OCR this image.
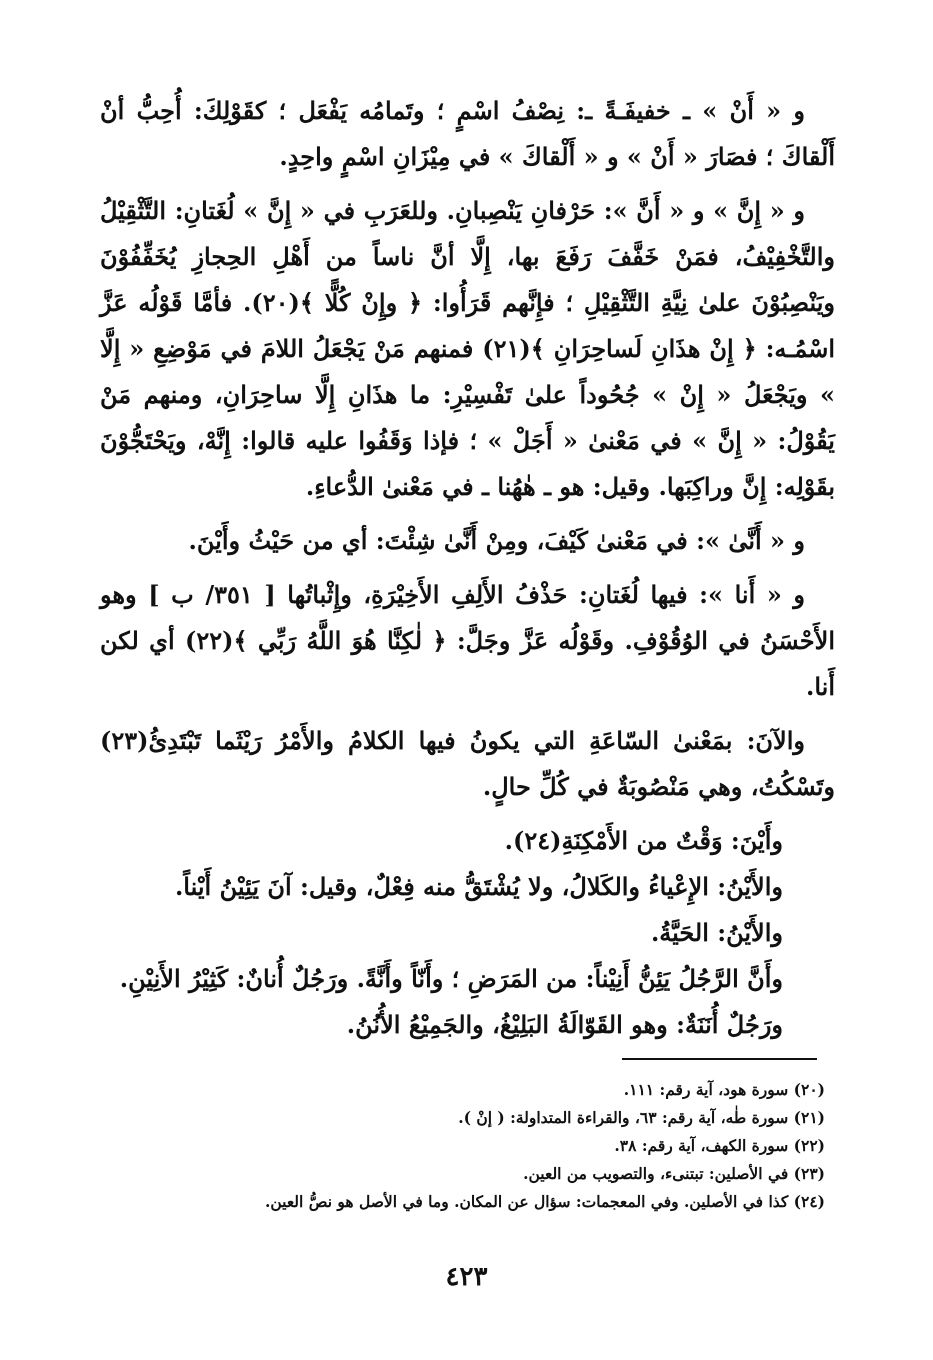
و « أَنْ » ـ خفيفَـةً ـ: نِصْفُ اسْمٍ ؛ وتَمامُه يَفْعَل ؛ كقَوْلِكَ: أُحِبُّ أنْ أَلْقاكَ ؛ فصَارَ « أَنْ » و « أَلْقاكَ » في مِيْزَانِ اسْمٍ واحِدٍ.

و « إِنَّ » و « أَنَّ »: حَرْفانِ يَنْصِبانِ. وللعَرَبِ في « إِنَّ » لُغَتانِ: التَّثْقِيْلُ والتَّخْفِيْفُ، فمَنْ خَفَّفَ رَفَعَ بها، إِلَّا أنَّ ناساً من أَهْلِ الحِجازِ يُخَفِّفُوْنَ ويَنْصِبُوْنَ علىٰ نِيَّةِ التَّثْقِيْلِ ؛ فإِنَّهم قَرَأُوا: ﴿ وإِنْ كُلًّا ﴾(٢٠). فأمَّا قَوْلُه عَزَّ اسْمُـه: ﴿ إِنْ هذَانِ لَساحِرَانِ ﴾(٢١) فمنهم مَنْ يَجْعَلُ اللامَ في مَوْضِعِ « إِلَّا » ويَجْعَلُ « إِنْ » جُحُوداً علىٰ تَفْسِيْرِ: ما هذَانِ إِلَّا ساحِرَانِ، ومنهم مَنْ يَقُوْلُ: « إِنَّ » في مَعْنىٰ « أَجَلْ » ؛ فإذا وَقَفُوا عليه قالوا: إِنَّهْ، ويَحْتَجُّوْنَ بقَوْلِه: إِنَّ وراكِبَها. وقيل: هو ـ هٰهُنا ـ في مَعْنىٰ الدُّعاءِ.

و « أَنَّىٰ »: في مَعْنىٰ كَيْفَ، ومِنْ أَنَّىٰ شِئْتَ: أي من حَيْثُ وأَيْنَ.

و « أَنا »: فيها لُغَتانِ: حَذْفُ الأَلِفِ الأَخِيْرَةِ، وإِثْباتُها [ ٣٥١/ ب ] وهو الأَحْسَنُ في الوُقُوْفِ. وقَوْلُه عَزَّ وجَلَّ: ﴿ لٰكِنَّا هُوَ اللَّهُ رَبِّي ﴾(٢٢) أي لكن أَنا.

والآنَ: بمَعْنىٰ السّاعَةِ التي يكونُ فيها الكلامُ والأَمْرُ رَيْثَما تَبْتَدِئُ(٢٣) وتَسْكُتُ، وهي مَنْصُوبَةٌ في كُلِّ حالٍ.

وأَيْنَ: وَقْتٌ من الأَمْكِنَةِ(٢٤).

والأَيْنُ: الإِعْياءُ والكَلالُ، ولا يُشْتَقُّ منه فِعْلٌ، وقيل: آنَ يَئِيْنُ أَيْناً.

والأَيْنُ: الحَيَّةُ.

وأَنَّ الرَّجُلُ يَئِنُّ أَنِيْناً: من المَرَضِ ؛ وأَنّاً وأَنَّةً. ورَجُلٌ أُنانٌ: كَثِيْرُ الأَنِيْنِ.

ورَجُلٌ أُنَنَةٌ: وهو القَوّالَةُ البَلِيْغُ، والجَمِيْعُ الأُنُنُ.

(٢٠) سورة هود، آية رقم: ١١١.
(٢١) سورة طٰه، آية رقم: ٦٣، والقراءة المتداولة: ( إنْ ).
(٢٢) سورة الكهف، آية رقم: ٣٨.
(٢٣) في الأصلين: تبتنىء، والتصويب من العين.
(٢٤) كذا في الأصلين. وفي المعجمات: سؤال عن المكان. وما في الأصل هو نصُّ العين.
٤٢٣
